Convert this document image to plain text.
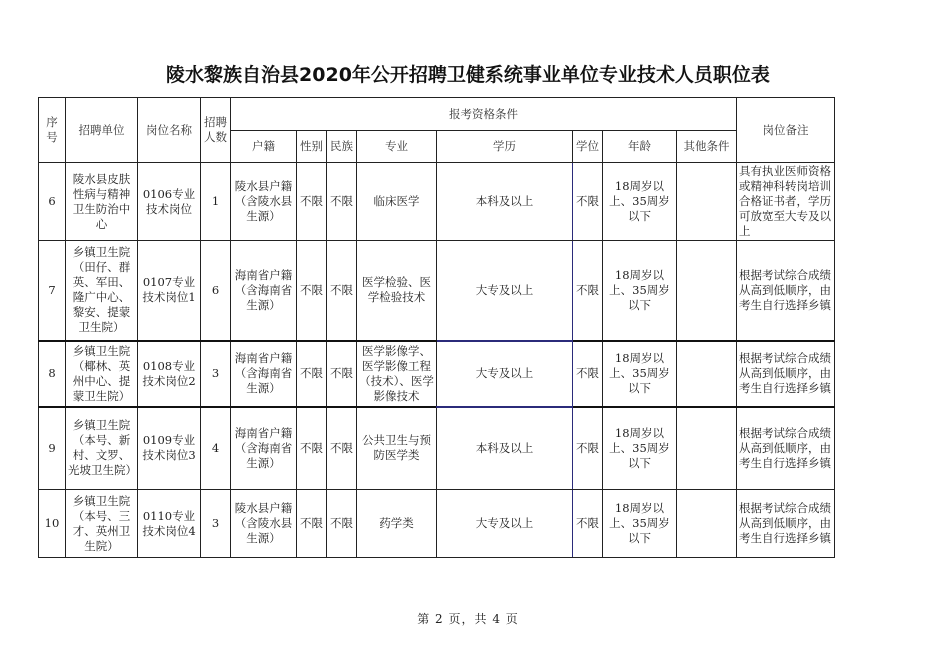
陵水黎族自治县2020年公开招聘卫健系统事业单位专业技术人员职位表
序号	招聘单位	岗位名称	招聘人数	报考资格条件								岗位备注
				户籍	性别	民族	专业	学历	学位	年龄	其他条件	
6	陵水县皮肤性病与精神卫生防治中心	0106专业技术岗位	1	陵水县户籍（含陵水县生源）	不限	不限	临床医学	本科及以上	不限	18周岁以上、35周岁以下		具有执业医师资格或精神科转岗培训合格证书者，学历可放宽至大专及以上
7	乡镇卫生院（田仔、群英、军田、隆广中心、黎安、提蒙卫生院）	0107专业技术岗位1	6	海南省户籍（含海南省生源）	不限	不限	医学检验、医学检验技术	大专及以上	不限	18周岁以上、35周岁以下		根据考试综合成绩从高到低顺序，由考生自行选择乡镇
8	乡镇卫生院（椰林、英州中心、提蒙卫生院）	0108专业技术岗位2	3	海南省户籍（含海南省生源）	不限	不限	医学影像学、医学影像工程（技术）、医学影像技术	大专及以上	不限	18周岁以上、35周岁以下		根据考试综合成绩从高到低顺序，由考生自行选择乡镇
9	乡镇卫生院（本号、新村、文罗、光坡卫生院）	0109专业技术岗位3	4	海南省户籍（含海南省生源）	不限	不限	公共卫生与预防医学类	本科及以上	不限	18周岁以上、35周岁以下		根据考试综合成绩从高到低顺序，由考生自行选择乡镇
10	乡镇卫生院（本号、三才、英州卫生院）	0110专业技术岗位4	3	陵水县户籍（含陵水县生源）	不限	不限	药学类	大专及以上	不限	18周岁以上、35周岁以下		根据考试综合成绩从高到低顺序，由考生自行选择乡镇
第 2 页，共 4 页
